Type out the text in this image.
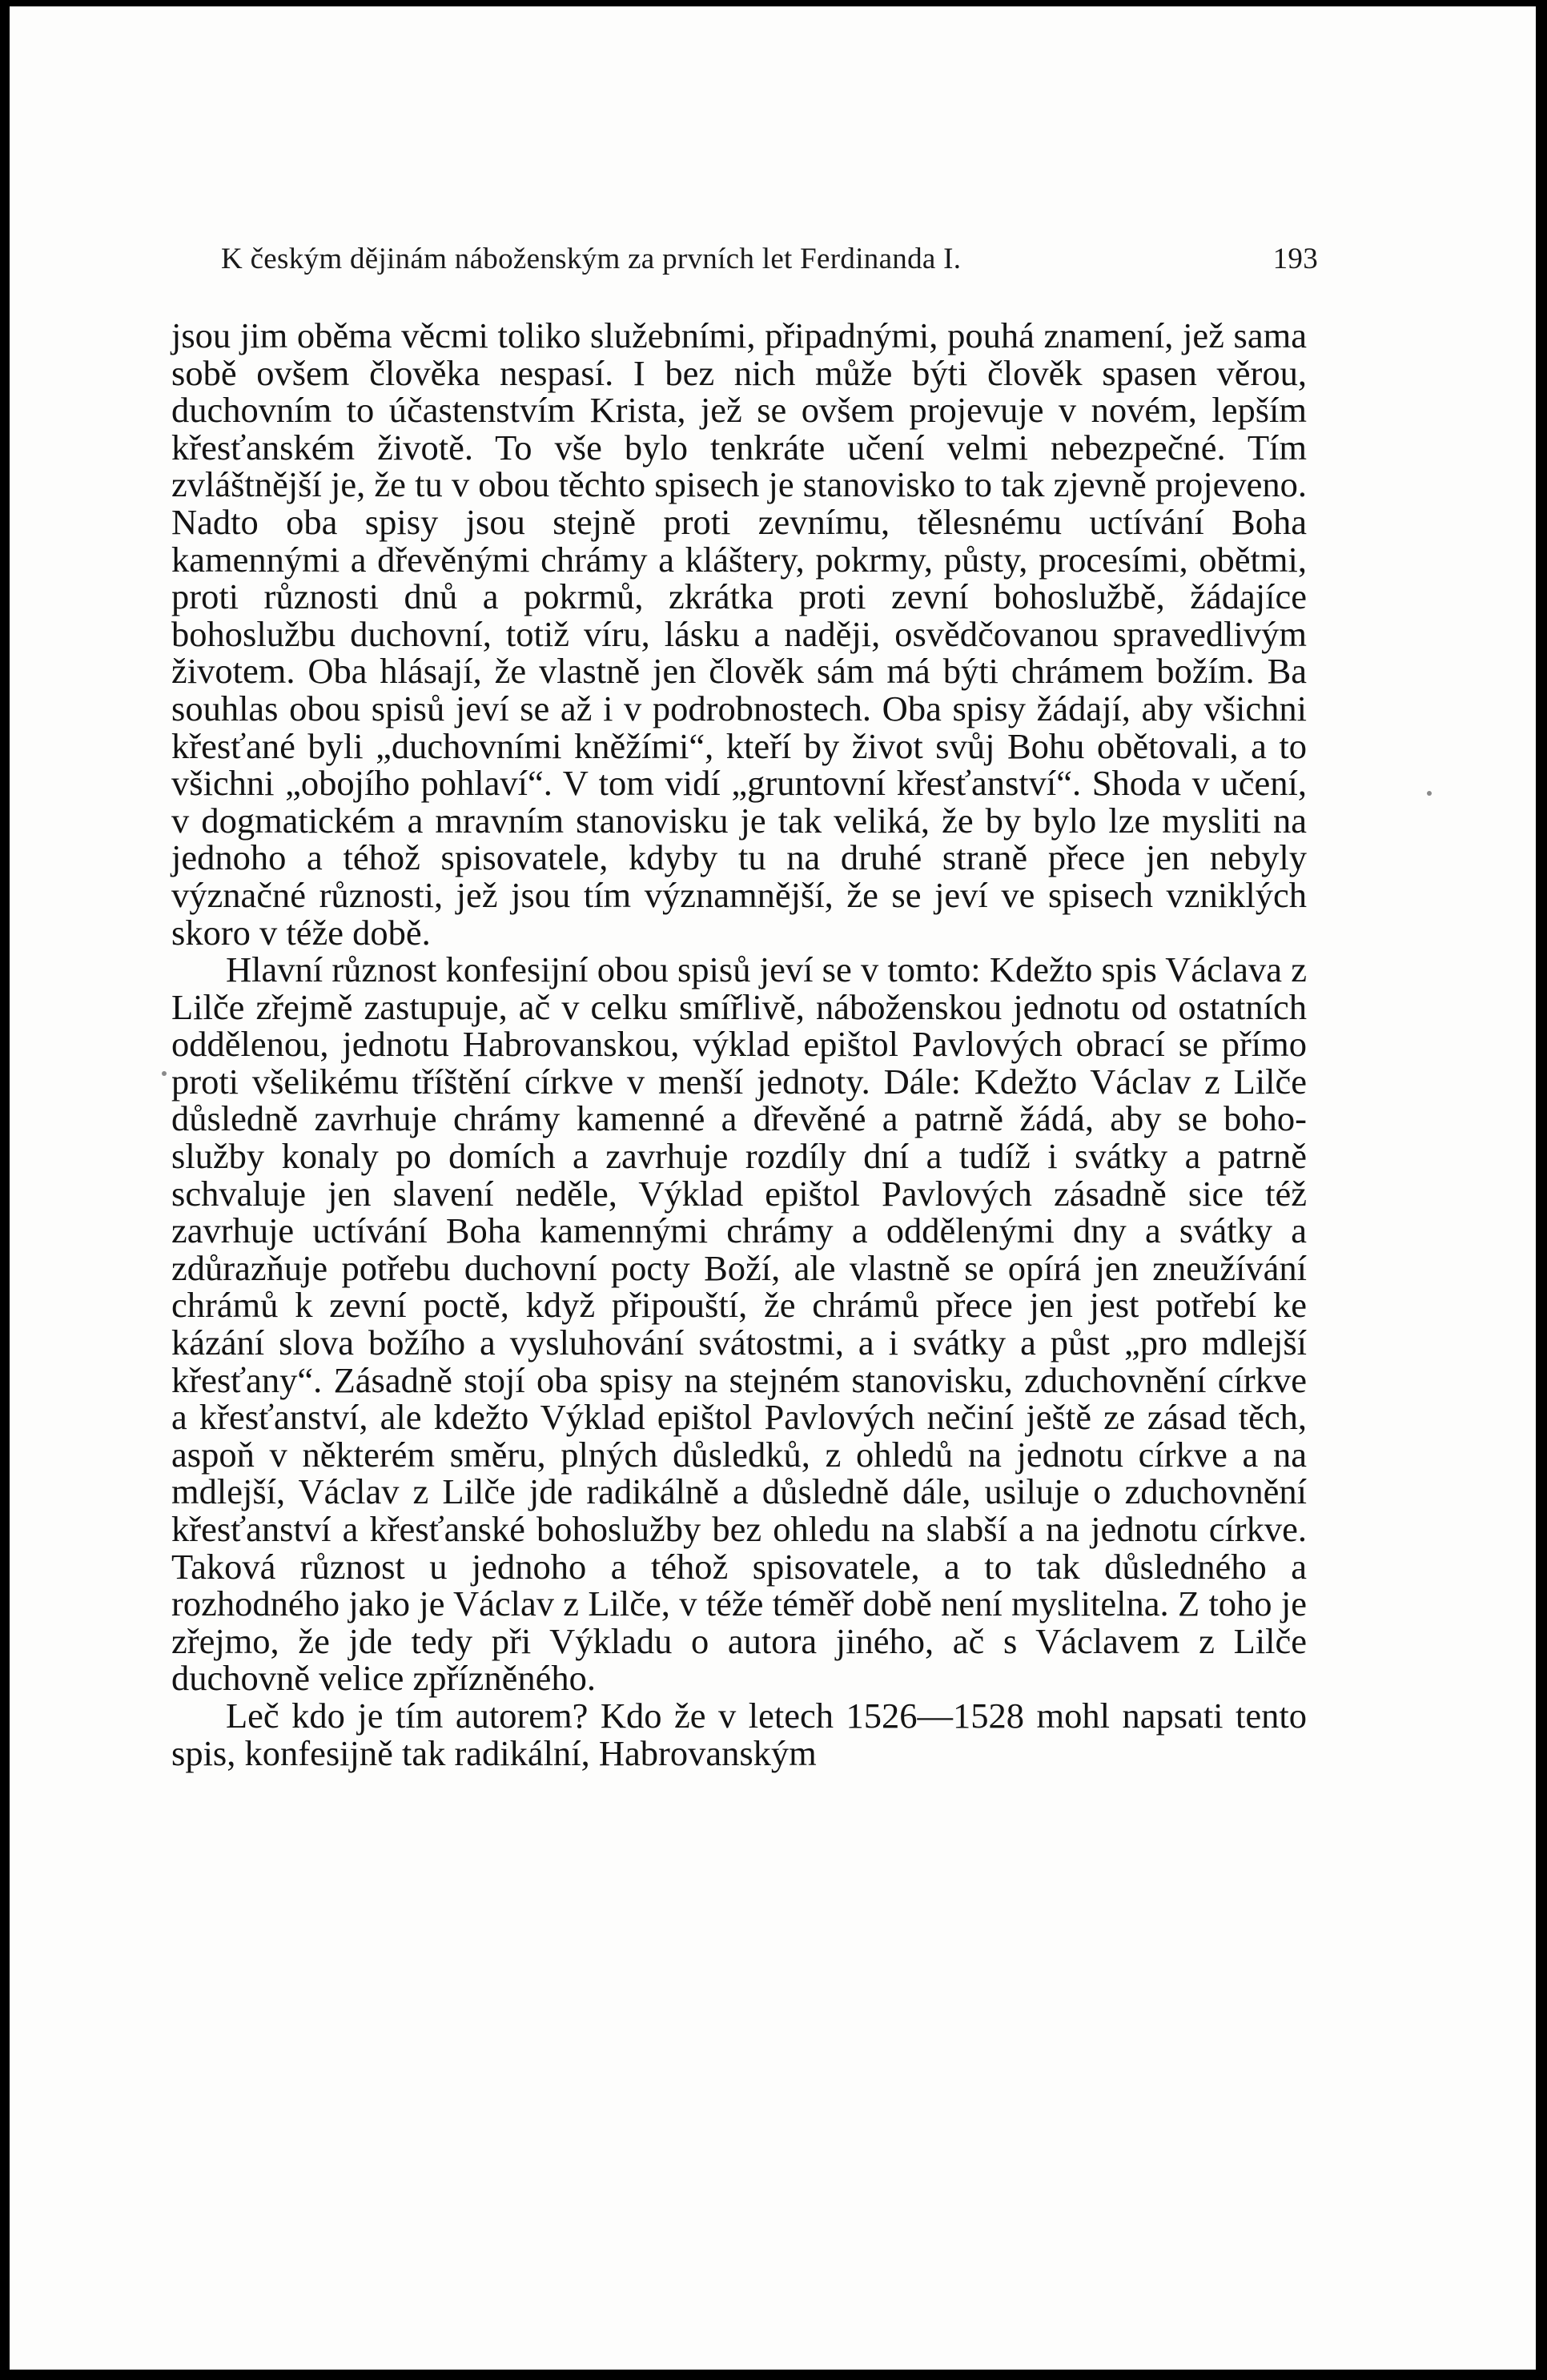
K českým dějinám náboženským za prvních let Ferdinanda I.	193

jsou jim oběma věcmi toliko služebními, připadnými, pouhá znamení, jež sama sobě ovšem člověka nespasí. I bez nich může býti člověk spasen věrou, duchovním to účastenstvím Krista, jež se ovšem projevuje v novém, lepším křesťanském životě. To vše bylo tenkráte učení velmi nebezpečné. Tím zvláštnější je, že tu v obou těchto spisech je stanovisko to tak zjevně projeveno. Nadto oba spisy jsou stejně proti zevnímu, tělesnému uctívání Boha kamennými a dřevěnými chrámy a kláštery, pokrmy, půsty, procesími, obětmi, proti různosti dnů a pokrmů, zkrátka proti zevní bohoslužbě, žádajíce bohoslužbu duchovní, totiž víru, lásku a naději, osvědčovanou spravedlivým životem. Oba hlásají, že vlastně jen člověk sám má býti chrámem božím. Ba souhlas obou spisů jeví se až i v podrobnostech. Oba spisy žádají, aby všichni křesťané byli „duchovními kněžími“, kteří by život svůj Bohu obětovali, a to všichni „obojího pohlaví“. V tom vidí „gruntovní křesťanství“. Shoda v učení, v dogmatickém a mravním stanovisku je tak veliká, že by bylo lze mysliti na jednoho a téhož spisovatele, kdyby tu na druhé straně přece jen nebyly význačné různosti, jež jsou tím významnější, že se jeví ve spisech vzniklých skoro v téže době.

Hlavní různost konfesijní obou spisů jeví se v tomto: Kdežto spis Václava z Lilče zřejmě zastupuje, ač v celku smířlivě, náboženskou jednotu od ostatních oddělenou, jednotu Habrovanskou, výklad epištol Pavlových obrací se přímo proti všelikému tříštění církve v menší jednoty. Dále: Kdežto Václav z Lilče důsledně zavrhuje chrámy kamenné a dřevěné a patrně žádá, aby se bohoslužby konaly po domích a zavrhuje rozdíly dní a tudíž i svátky a patrně schvaluje jen slavení neděle, Výklad epištol Pavlových zásadně sice též zavrhuje uctívání Boha kamennými chrámy a oddělenými dny a svátky a zdůrazňuje potřebu duchovní pocty Boží, ale vlastně se opírá jen zneužívání chrámů k zevní poctě, když připouští, že chrámů přece jen jest potřebí ke kázání slova božího a vysluhování svátostmi, a i svátky a půst „pro mdlejší křesťany“. Zásadně stojí oba spisy na stejném stanovisku, zduchovnění církve a křesťanství, ale kdežto Výklad epištol Pavlových nečiní ještě ze zásad těch, aspoň v některém směru, plných důsledků, z ohledů na jednotu církve a na mdlejší, Václav z Lilče jde radikálně a důsledně dále, usiluje o zduchovnění křesťanství a křesťanské bohoslužby bez ohledu na slabší a na jednotu církve. Taková různost u jednoho a téhož spisovatele, a to tak důsledného a rozhodného jako je Václav z Lilče, v téže téměř době není myslitelna. Z toho je zřejmo, že jde tedy při Výkladu o autora jiného, ač s Václavem z Lilče duchovně velice zpřízněného.

Leč kdo je tím autorem? Kdo že v letech 1526—1528 mohl napsati tento spis, konfesijně tak radikální, Habrovanským
